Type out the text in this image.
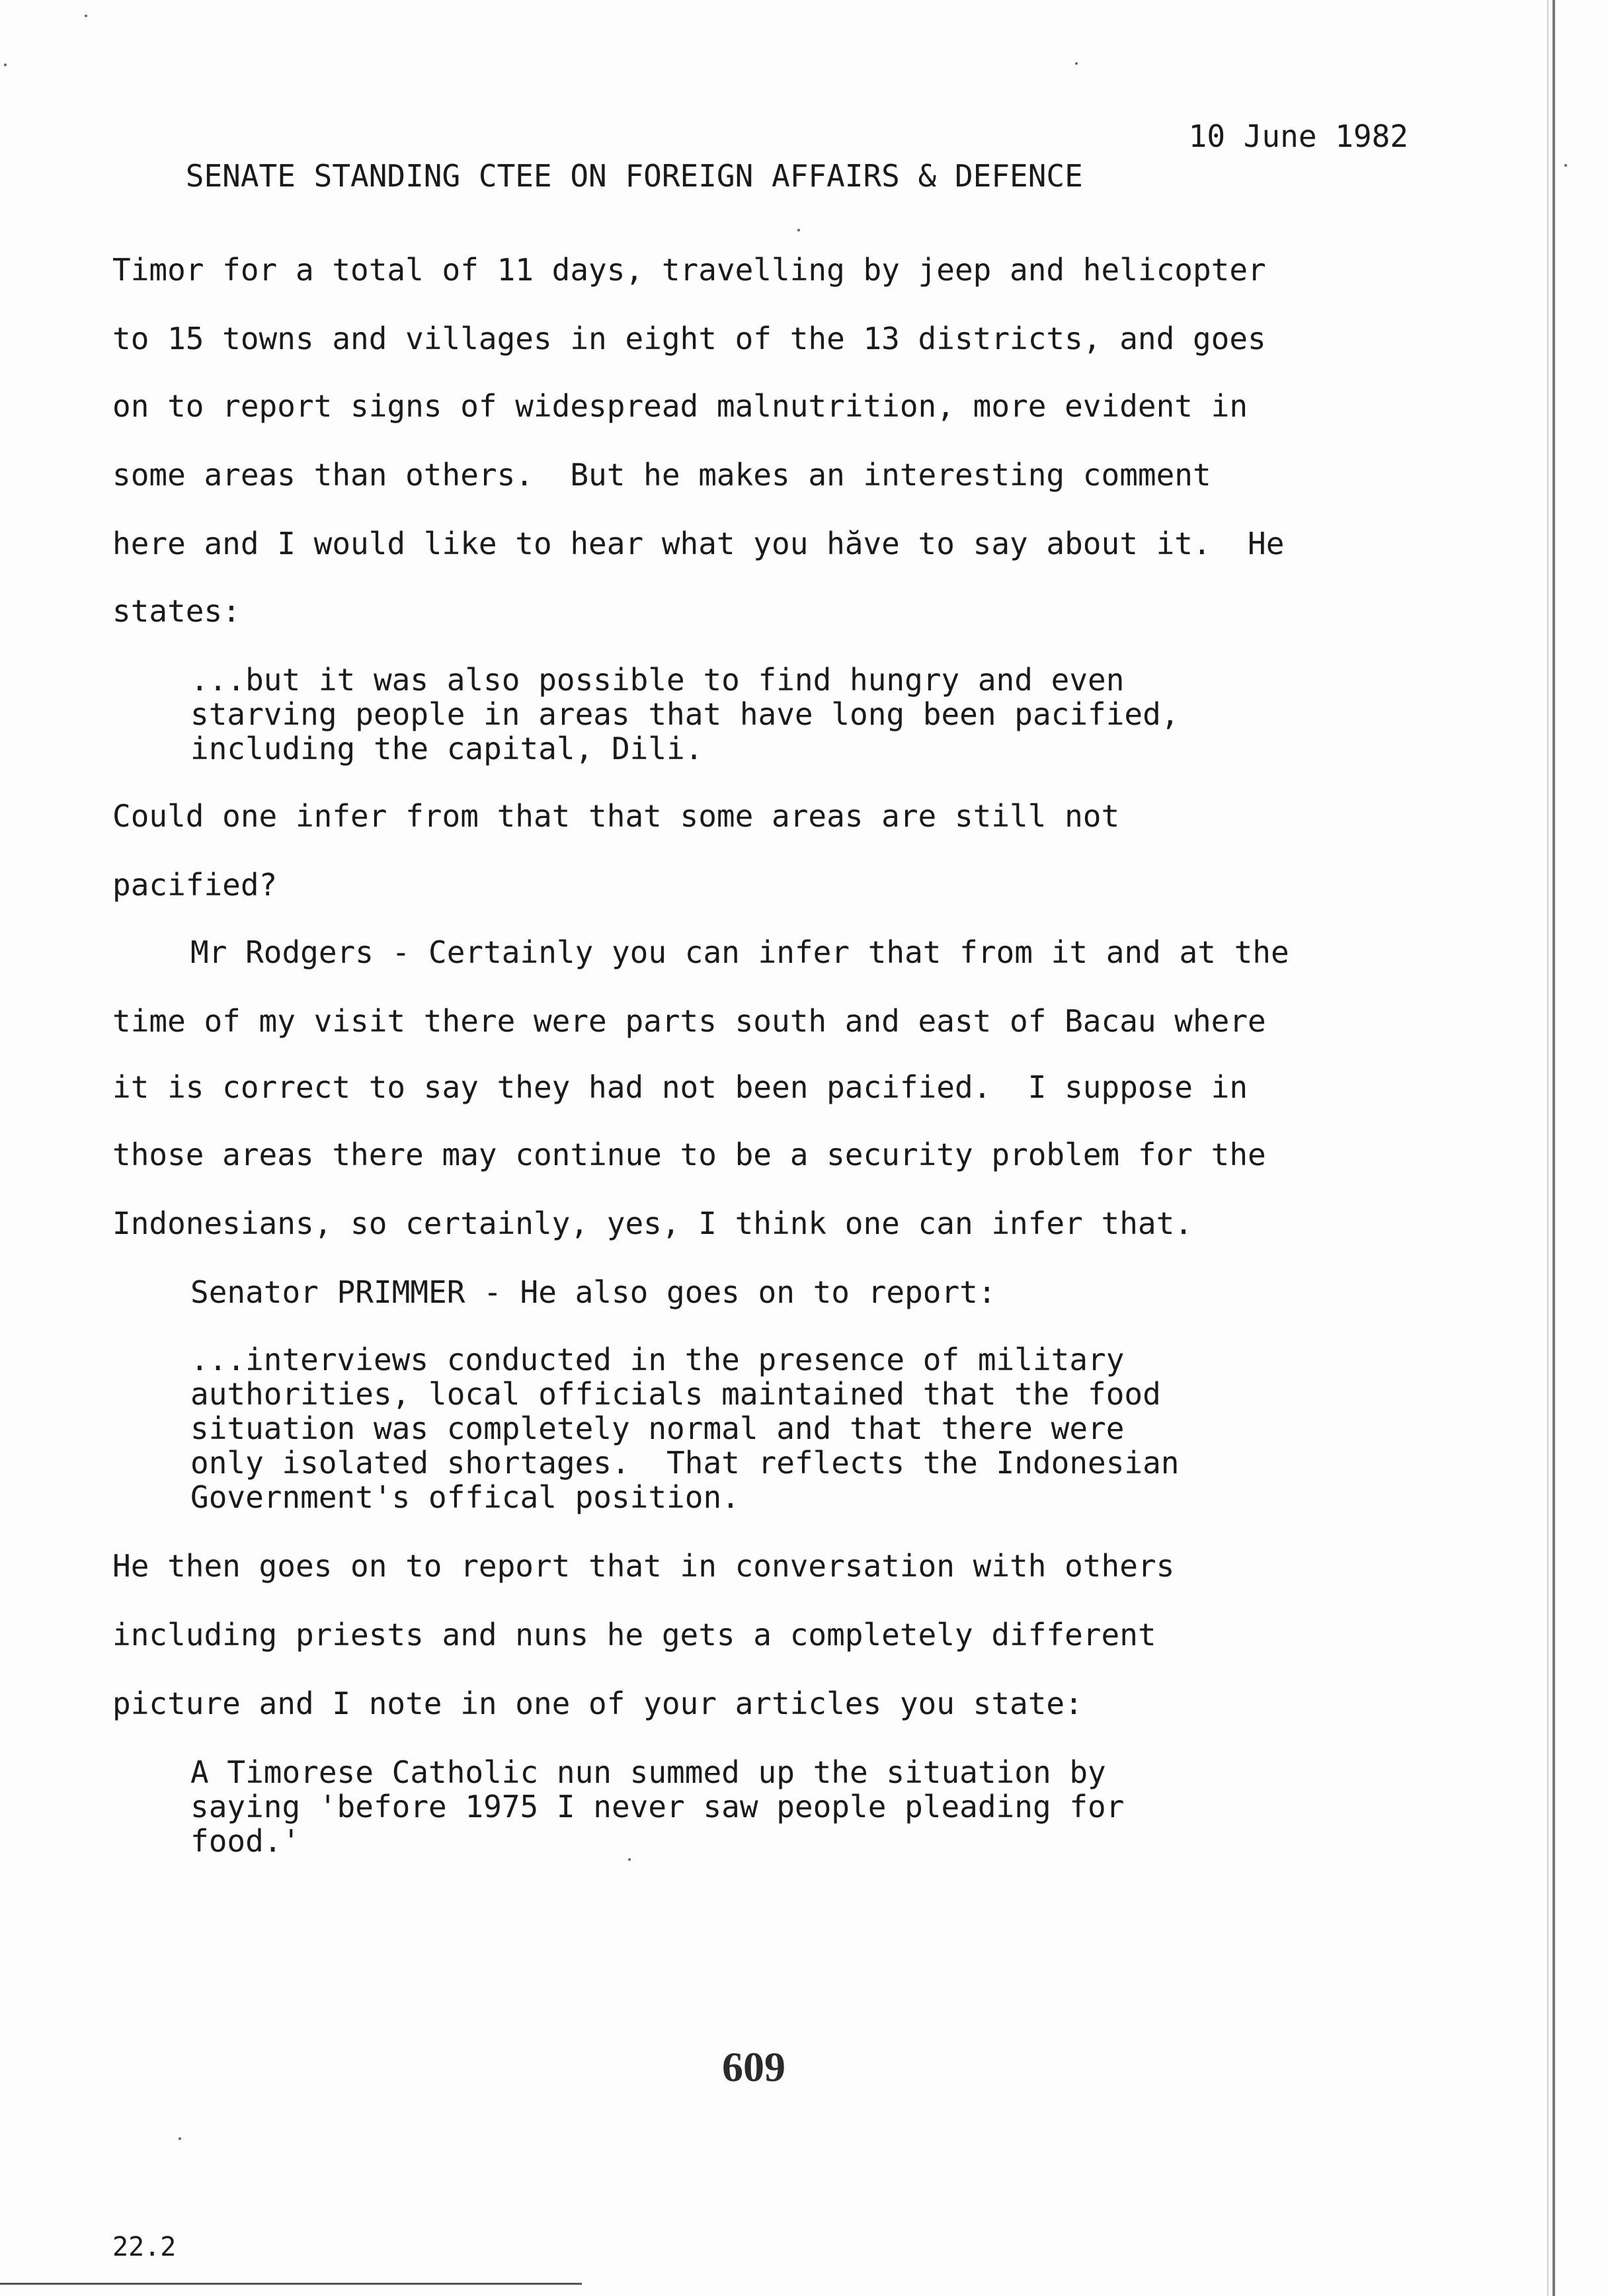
SENATE STANDING CTEE ON FOREIGN AFFAIRS & DEFENCE

10 June 1982

Timor for a total of 11 days, travelling by jeep and helicopter
to 15 towns and villages in eight of the 13 districts, and goes
on to report signs of widespread malnutrition, more evident in
some areas than others.  But he makes an interesting comment
here and I would like to hear what you hăve to say about it.  He
states:
...but it was also possible to find hungry and even
starving people in areas that have long been pacified,
including the capital, Dili.
Could one infer from that that some areas are still not
pacified?
Mr Rodgers - Certainly you can infer that from it and at the
time of my visit there were parts south and east of Bacau where
it is correct to say they had not been pacified.  I suppose in
those areas there may continue to be a security problem for the
Indonesians, so certainly, yes, I think one can infer that.
Senator PRIMMER - He also goes on to report:
...interviews conducted in the presence of military
authorities, local officials maintained that the food
situation was completely normal and that there were
only isolated shortages.  That reflects the Indonesian
Government's offical position.
He then goes on to report that in conversation with others
including priests and nuns he gets a completely different
picture and I note in one of your articles you state:
A Timorese Catholic nun summed up the situation by
saying 'before 1975 I never saw people pleading for
food.'
609
22.2
